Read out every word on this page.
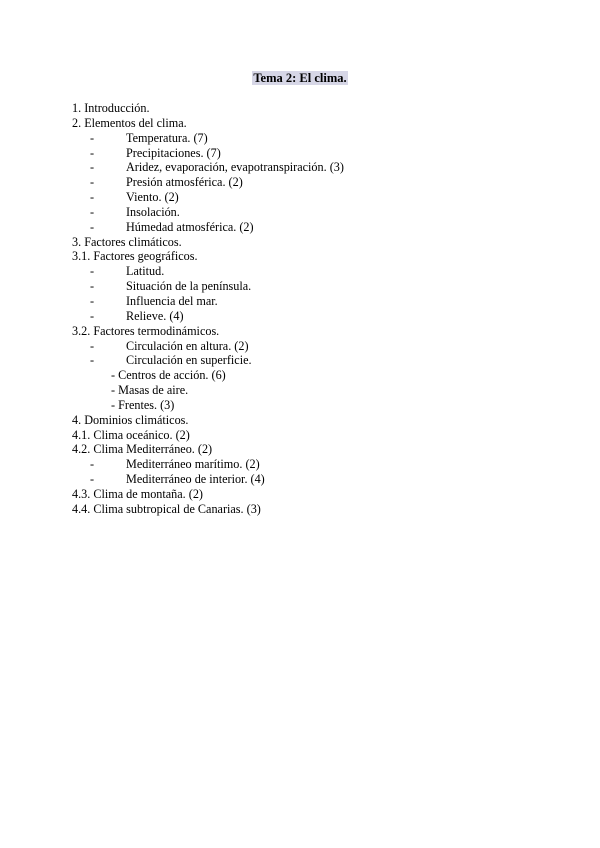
Tema 2: El clima.
1. Introducción.
2. Elementos del clima.
-	Temperatura. (7)
-	Precipitaciones. (7)
-	Aridez, evaporación, evapotranspiración. (3)
-	Presión atmosférica. (2)
-	Viento. (2)
-	Insolación.
-	Húmedad atmosférica. (2)
3. Factores climáticos.
3.1. Factores geográficos.
-	Latitud.
-	Situación de la península.
-	Influencia del mar.
-	Relieve. (4)
3.2. Factores termodinámicos.
-	Circulación en altura. (2)
-	Circulación en superficie.
- Centros de acción. (6)
- Masas de aire.
- Frentes. (3)
4. Dominios climáticos.
4.1. Clima oceánico. (2)
4.2. Clima Mediterráneo. (2)
-	Mediterráneo marítimo. (2)
-	Mediterráneo de interior. (4)
4.3. Clima de montaña. (2)
4.4. Clima subtropical de Canarias. (3)
